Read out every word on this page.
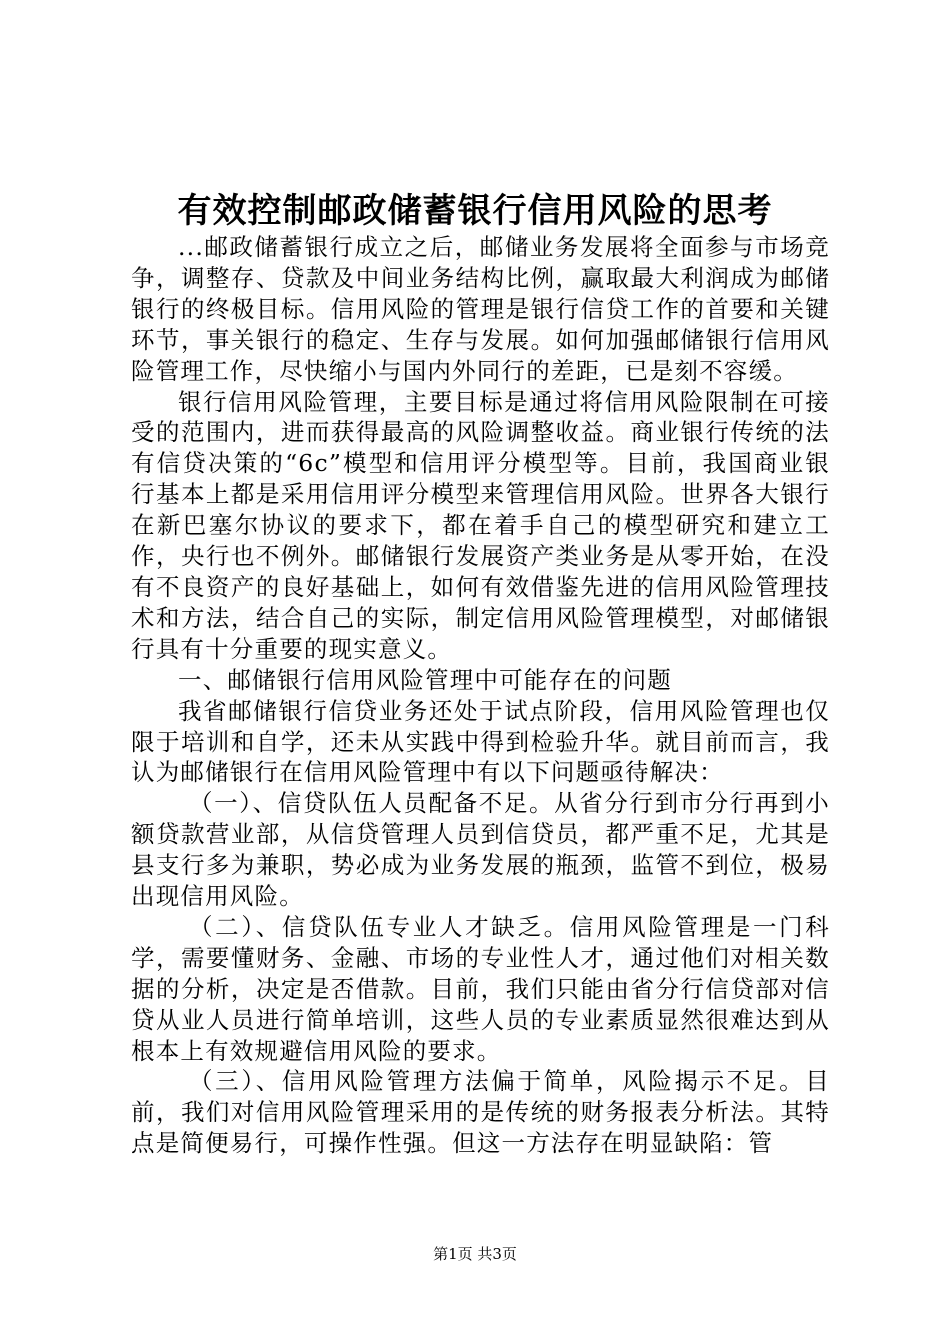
有效控制邮政储蓄银行信用风险的思考

...邮政储蓄银行成立之后，邮储业务发展将全面参与市场竞争，调整存、贷款及中间业务结构比例，赢取最大利润成为邮储银行的终极目标。信用风险的管理是银行信贷工作的首要和关键环节，事关银行的稳定、生存与发展。如何加强邮储银行信用风险管理工作，尽快缩小与国内外同行的差距，已是刻不容缓。

银行信用风险管理，主要目标是通过将信用风险限制在可接受的范围内，进而获得最高的风险调整收益。商业银行传统的法有信贷决策的“6c”模型和信用评分模型等。目前，我国商业银行基本上都是采用信用评分模型来管理信用风险。世界各大银行在新巴塞尔协议的要求下，都在着手自己的模型研究和建立工作，央行也不例外。邮储银行发展资产类业务是从零开始，在没有不良资产的良好基础上，如何有效借鉴先进的信用风险管理技术和方法，结合自己的实际，制定信用风险管理模型，对邮储银行具有十分重要的现实意义。

一、邮储银行信用风险管理中可能存在的问题

我省邮储银行信贷业务还处于试点阶段，信用风险管理也仅限于培训和自学，还未从实践中得到检验升华。就目前而言，我认为邮储银行在信用风险管理中有以下问题亟待解决：

（一）、信贷队伍人员配备不足。从省分行到市分行再到小额贷款营业部，从信贷管理人员到信贷员，都严重不足，尤其是县支行多为兼职，势必成为业务发展的瓶颈，监管不到位，极易出现信用风险。

（二）、信贷队伍专业人才缺乏。信用风险管理是一门科学，需要懂财务、金融、市场的专业性人才，通过他们对相关数据的分析，决定是否借款。目前，我们只能由省分行信贷部对信贷从业人员进行简单培训，这些人员的专业素质显然很难达到从根本上有效规避信用风险的要求。

（三）、信用风险管理方法偏于简单，风险揭示不足。目前，我们对信用风险管理采用的是传统的财务报表分析法。其特点是简便易行，可操作性强。但这一方法存在明显缺陷：管

第1页 共3页
